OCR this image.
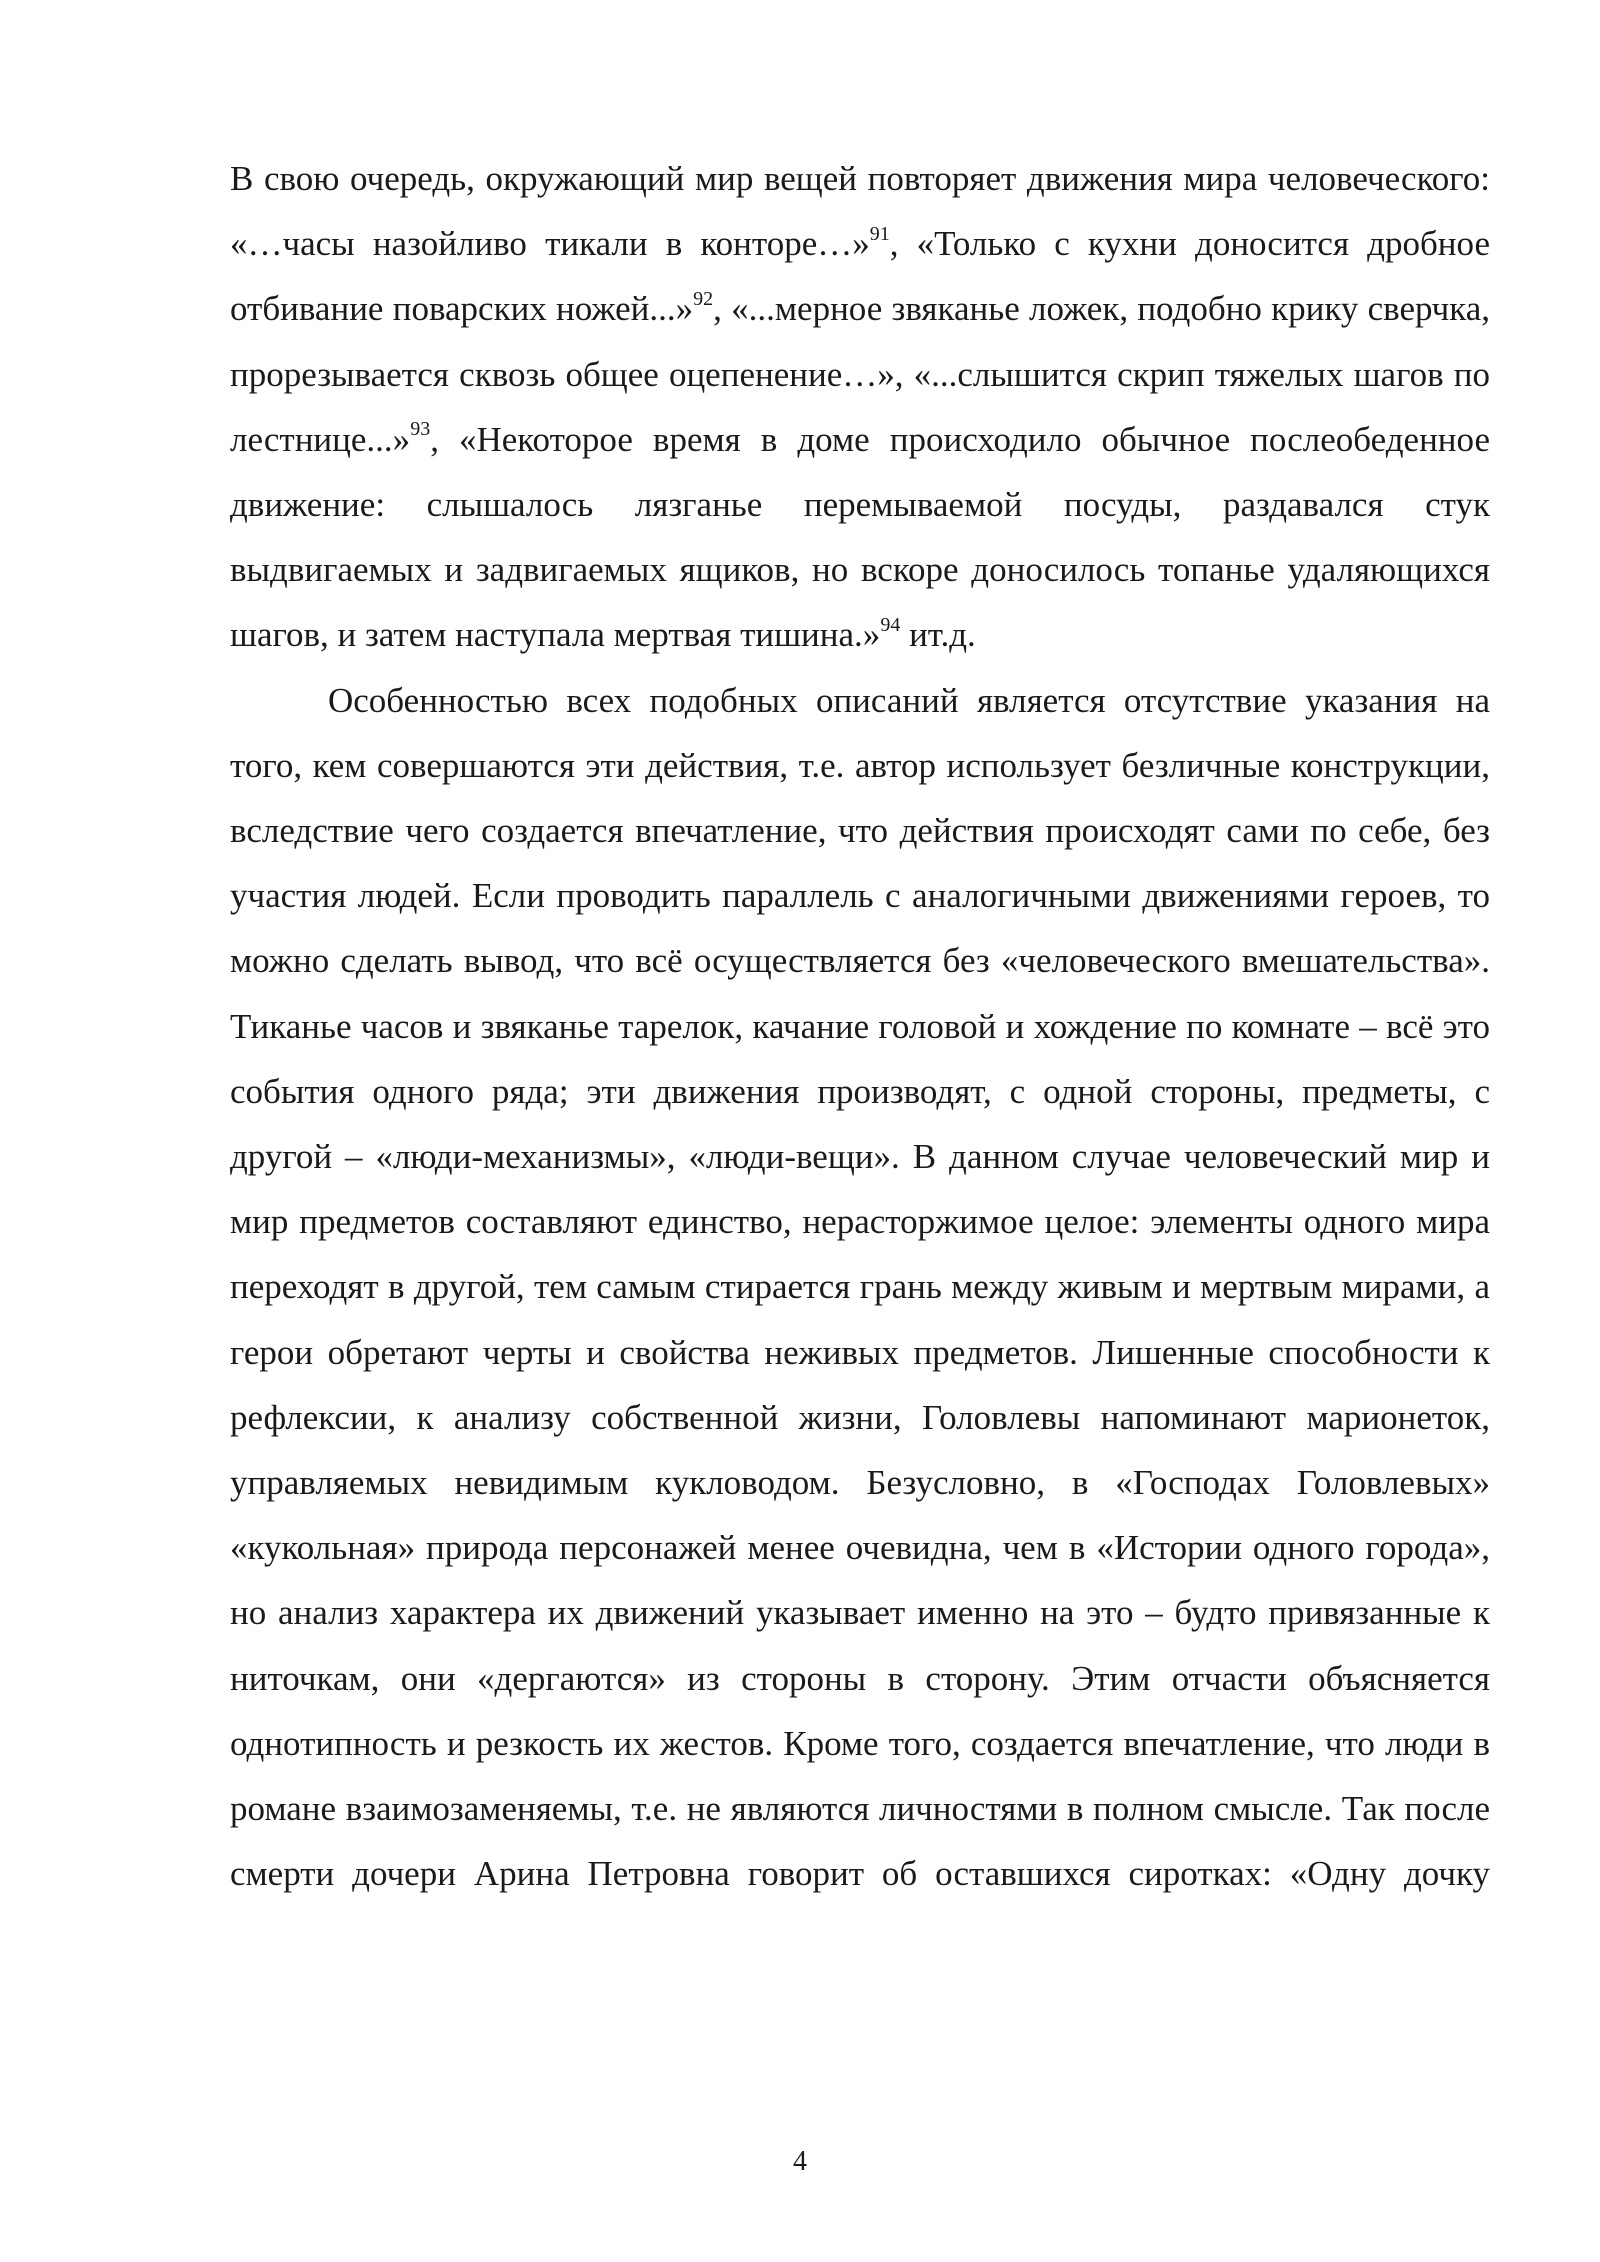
В свою очередь, окружающий мир вещей повторяет движения мира человеческого: «…часы назойливо тикали в конторе…»$^{91}$, «Только с кухни доносится дробное отбивание поварских ножей...»$^{92}$, «...мерное звяканье ложек, подобно крику сверчка, прорезывается сквозь общее оцепенение…», «...слышится скрип тяжелых шагов по лестнице...»$^{93}$, «Некоторое время в доме происходило обычное послеобеденное движение: слышалось лязганье перемываемой посуды, раздавался стук выдвигаемых и задвигаемых ящиков, но вскоре доносилось топанье удаляющихся шагов, и затем наступала мертвая тишина.»$^{94}$ ит.д.

Особенностью всех подобных описаний является отсутствие указания на того, кем совершаются эти действия, т.е. автор использует безличные конструкции, вследствие чего создается впечатление, что действия происходят сами по себе, без участия людей. Если проводить параллель с аналогичными движениями героев, то можно сделать вывод, что всё осуществляется без «человеческого вмешательства». Тиканье часов и звяканье тарелок, качание головой и хождение по комнате – всё это события одного ряда; эти движения производят, с одной стороны, предметы, с другой – «люди-механизмы», «люди-вещи». В данном случае человеческий мир и мир предметов составляют единство, нерасторжимое целое: элементы одного мира переходят в другой, тем самым стирается грань между живым и мертвым мирами, а герои обретают черты и свойства неживых предметов. Лишенные способности к рефлексии, к анализу собственной жизни, Головлевы напоминают марионеток, управляемых невидимым кукловодом. Безусловно, в «Господах Головлевых» «кукольная» природа персонажей менее очевидна, чем в «Истории одного города», но анализ характера их движений указывает именно на это – будто привязанные к ниточкам, они «дергаются» из стороны в сторону. Этим отчасти объясняется однотипность и резкость их жестов. Кроме того, создается впечатление, что люди в романе взаимозаменяемы, т.е. не являются личностями в полном смысле. Так после смерти дочери Арина Петровна говорит об оставшихся сиротках: «Одну дочку

4
